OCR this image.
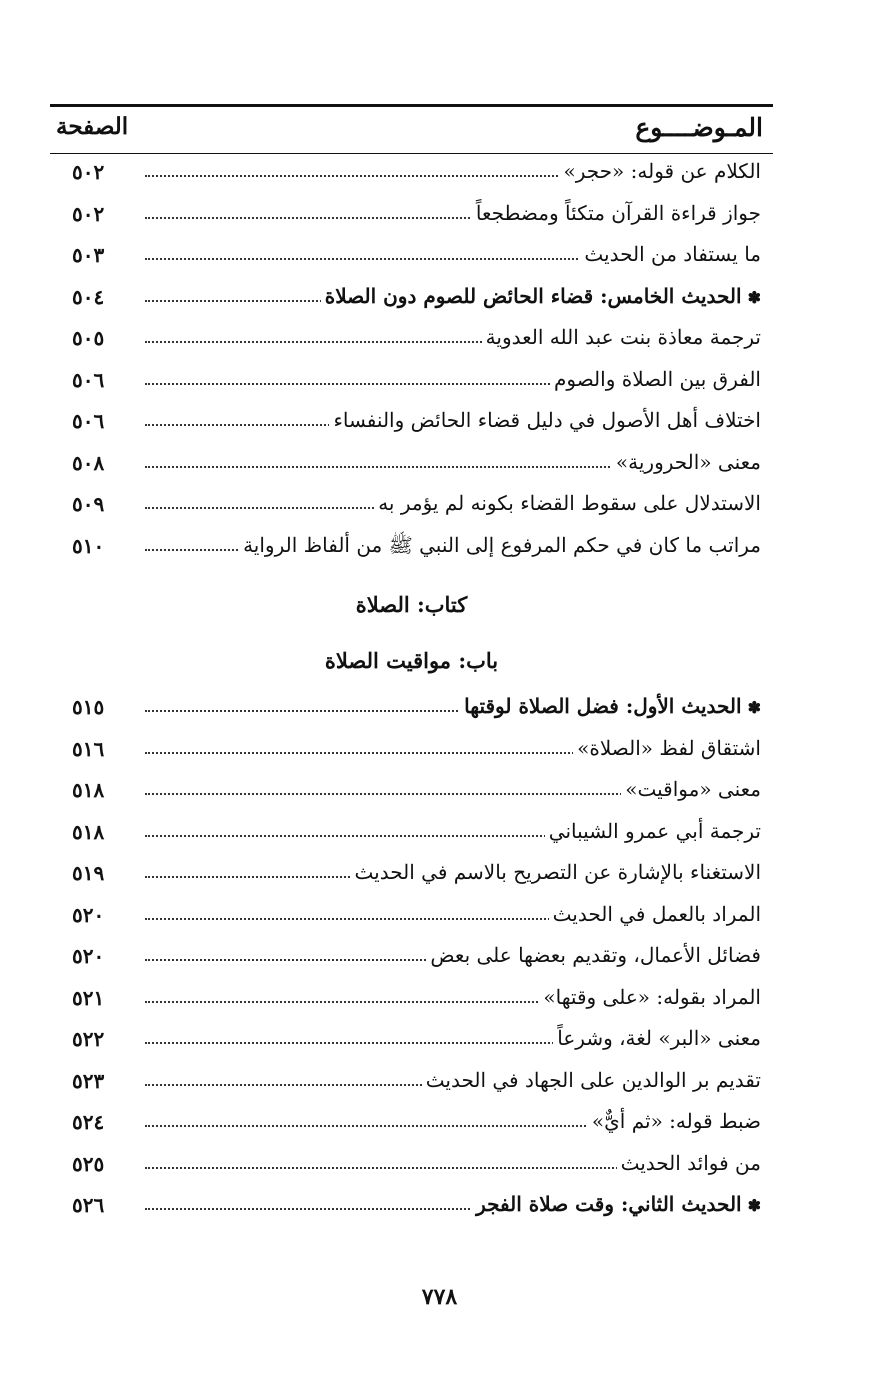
المـوضــــوع
الصفحة
الكلام عن قوله: «حجر»
٥٠٢
جواز قراءة القرآن متكئاً ومضطجعاً
٥٠٢
ما يستفاد من الحديث
٥٠٣
✽الحديث الخامس: قضاء الحائض للصوم دون الصلاة
٥٠٤
ترجمة معاذة بنت عبد الله العدوية
٥٠٥
الفرق بين الصلاة والصوم
٥٠٦
اختلاف أهل الأصول في دليل قضاء الحائض والنفساء
٥٠٦
معنى «الحرورية»
٥٠٨
الاستدلال على سقوط القضاء بكونه لم يؤمر به
٥٠٩
مراتب ما كان في حكم المرفوع إلى النبي ﷺ من ألفاظ الرواية
٥١٠
كتاب: الصلاة
باب: مواقيت الصلاة
✽الحديث الأول: فضل الصلاة لوقتها
٥١٥
اشتقاق لفظ «الصلاة»
٥١٦
معنى «مواقيت»
٥١٨
ترجمة أبي عمرو الشيباني
٥١٨
الاستغناء بالإشارة عن التصريح بالاسم في الحديث
٥١٩
المراد بالعمل في الحديث
٥٢٠
فضائل الأعمال، وتقديم بعضها على بعض
٥٢٠
المراد بقوله: «على وقتها»
٥٢١
معنى «البر» لغة، وشرعاً
٥٢٢
تقديم بر الوالدين على الجهاد في الحديث
٥٢٣
ضبط قوله: «ثم أيٌّ»
٥٢٤
من فوائد الحديث
٥٢٥
✽الحديث الثاني: وقت صلاة الفجر
٥٢٦
٧٧٨
